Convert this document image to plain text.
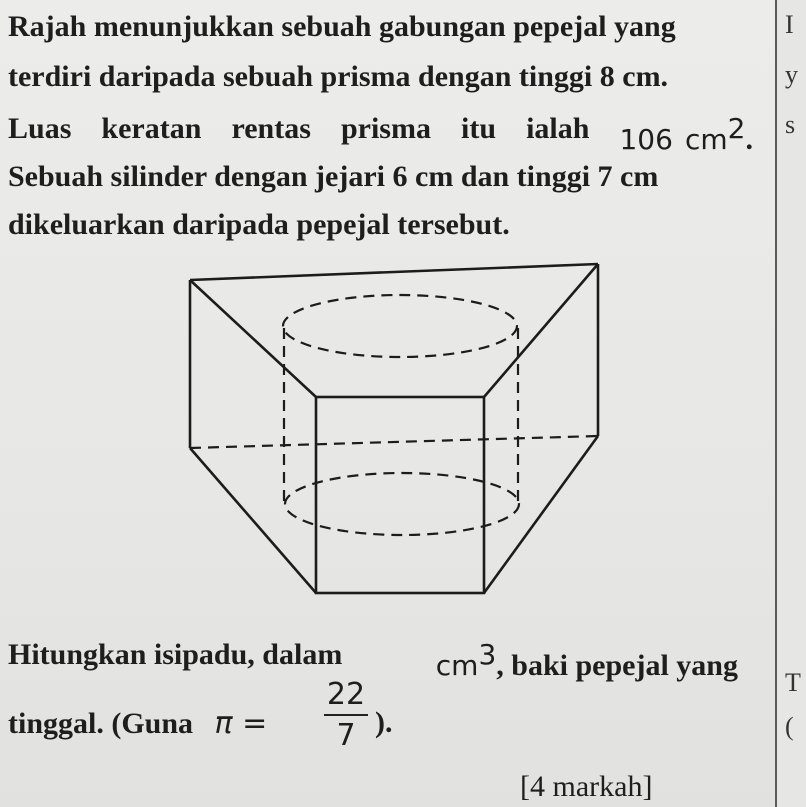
I
y
s
T
(
Rajah menunjukkan sebuah gabungan pepejal yang
terdiri daripada sebuah prisma dengan tinggi 8 cm.
Luas keratan rentas prisma itu ialah 106 $cm^2$.
Sebuah silinder dengan jejari 6 cm dan tinggi 7 cm
dikeluarkan daripada pepejal tersebut.
Hitungkan isipadu, dalam	$cm^3$, baki pepejal yang
tinggal. (Guna π =
22
7 ).
[4 markah]
